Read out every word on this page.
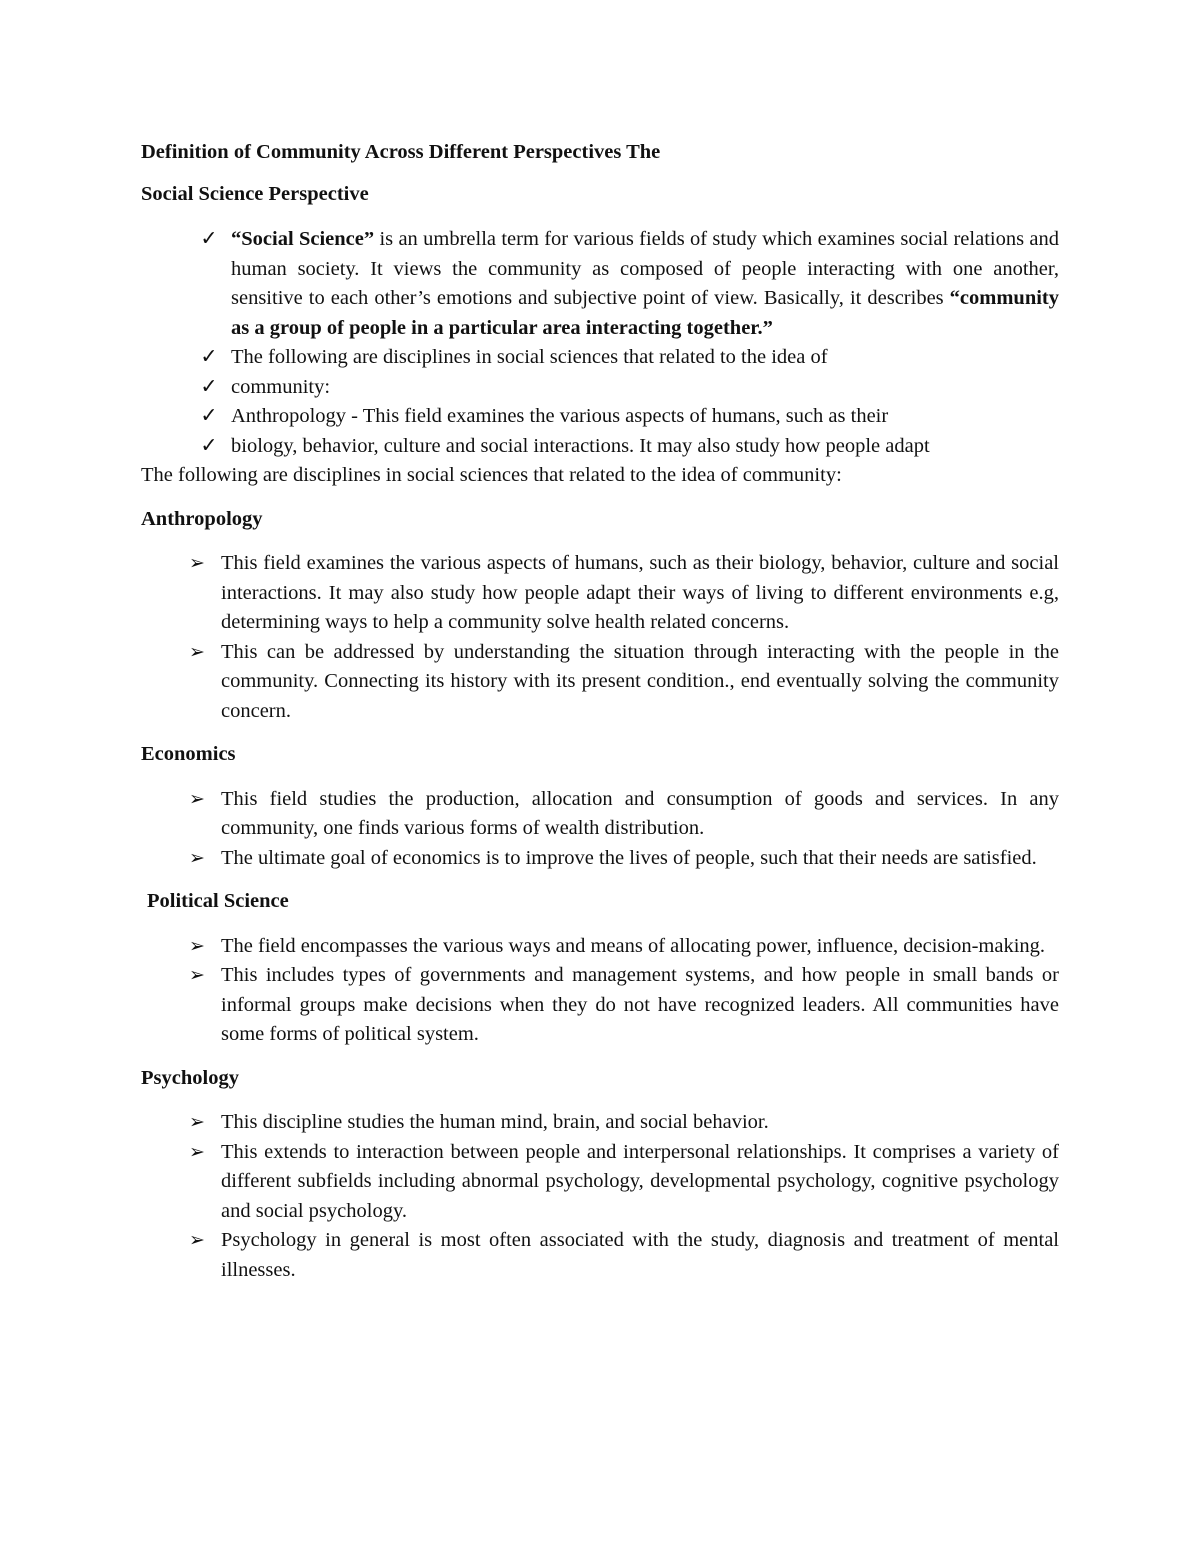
Definition of Community Across Different Perspectives The

Social Science Perspective

✓ “Social Science” is an umbrella term for various fields of study which examines social relations and human society. It views the community as composed of people interacting with one another, sensitive to each other’s emotions and subjective point of view. Basically, it describes “community as a group of people in a particular area interacting together.”
✓ The following are disciplines in social sciences that related to the idea of
✓ community:
✓ Anthropology - This field examines the various aspects of humans, such as their
✓ biology, behavior, culture and social interactions. It may also study how people adapt

The following are disciplines in social sciences that related to the idea of community:

Anthropology

➢ This field examines the various aspects of humans, such as their biology, behavior, culture and social interactions. It may also study how people adapt their ways of living to different environments e.g, determining ways to help a community solve health related concerns.
➢ This can be addressed by understanding the situation through interacting with the people in the community. Connecting its history with its present condition., end eventually solving the community concern.

Economics

➢ This field studies the production, allocation and consumption of goods and services. In any community, one finds various forms of wealth distribution.
➢ The ultimate goal of economics is to improve the lives of people, such that their needs are satisfied.

Political Science

➢ The field encompasses the various ways and means of allocating power, influence, decision-making.
➢ This includes types of governments and management systems, and how people in small bands or informal groups make decisions when they do not have recognized leaders. All communities have some forms of political system.

Psychology

➢ This discipline studies the human mind, brain, and social behavior.
➢ This extends to interaction between people and interpersonal relationships. It comprises a variety of different subfields including abnormal psychology, developmental psychology, cognitive psychology and social psychology.
➢ Psychology in general is most often associated with the study, diagnosis and treatment of mental illnesses.
